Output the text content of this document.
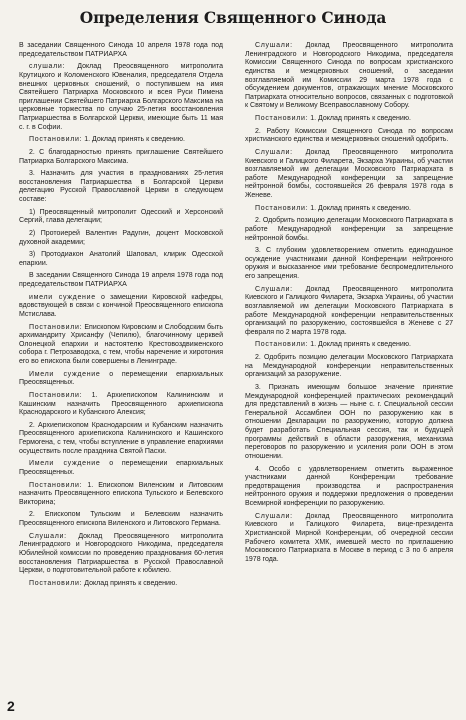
Определения Священного Синода

В заседании Священного Синода 10 апреля 1978 года под председательством ПАТРИАРХА

слушали: Доклад Преосвященного митрополита Крутицкого и Коломенского Ювеналия, председателя Отдела внешних церковных сношений, о поступившем на имя Святейшего Патриарха Московского и всея Руси Пимена приглашении Святейшего Патриарха Болгарского Максима на церковные торжества по случаю 25-летия восстановления Патриаршества в Болгарской Церкви, имеющие быть 11 мая с. г. в Софии.

Постановили: 1. Доклад принять к сведению.

2. С благодарностью принять приглашение Святейшего Патриарха Болгарского Максима.

3. Назначить для участия в празднованиях 25-летия восстановления Патриаршества в Болгарской Церкви делегацию Русской Православной Церкви в следующем составе:

1) Преосвященный митрополит Одесский и Херсонский Сергий, глава делегации;

2) Протоиерей Валентин Радугин, доцент Московской духовной академии;

3) Протодиакон Анатолий Шаповал, клирик Одесской епархии.

В заседании Священного Синода 19 апреля 1978 года под председательством ПАТРИАРХА

имели суждение о замещении Кировской кафедры, вдовствующей в связи с кончиной Преосвященного епископа Мстислава.

Постановили: Епископом Кировским и Слободским быть архимандриту Хрисанфу (Чепилю), благочинному церквей Олонецкой епархии и настоятелю Крестовоздвиженского собора г. Петрозаводска, с тем, чтобы наречение и хиротония его во епископа были совершены в Ленинграде.

Имели суждение о перемещении епархиальных Преосвященных.

Постановили: 1. Архиепископом Калининским и Кашинским назначить Преосвященного архиепископа Краснодарского и Кубанского Алексия;

2. Архиепископом Краснодарским и Кубанским назначить Преосвященного архиепископа Калининского и Кашинского Гермогена, с тем, чтобы вступление в управление епархиями осуществить после праздника Святой Пасхи.

Имели суждение о перемещении епархиальных Преосвященных.

Постановили: 1. Епископом Виленским и Литовским назначить Преосвященного епископа Тульского и Белевского Викторина;

2. Епископом Тульским и Белевским назначить Преосвященного епископа Виленского и Литовского Германа.

Слушали: Доклад Преосвященного митрополита Ленинградского и Новгородского Никодима, председателя Юбилейной комиссии по проведению празднования 60-летия восстановления Патриаршества в Русской Православной Церкви, о подготовительной работе к юбилею.

Постановили: Доклад принять к сведению.

Слушали: Доклад Преосвященного митрополита Ленинградского и Новгородского Никодима, председателя Комиссии Священного Синода по вопросам христианского единства и межцерковных сношений, о заседании возглавляемой им Комиссии 29 марта 1978 года с обсуждением документов, отражающих мнение Московского Патриархата относительно вопросов, связанных с подготовкой к Святому и Великому Всеправославному Собору.

Постановили: 1. Доклад принять к сведению.

2. Работу Комиссии Священного Синода по вопросам христианского единства и межцерковных сношений одобрить.

Слушали: Доклад Преосвященного митрополита Киевского и Галицкого Филарета, Экзарха Украины, об участии возглавляемой им делегации Московского Патриархата в работе Международной конференции за запрещение нейтронной бомбы, состоявшейся 26 февраля 1978 года в Женеве.

Постановили: 1. Доклад принять к сведению.

2. Одобрить позицию делегации Московского Патриархата в работе Международной конференции за запрещение нейтронной бомбы.

3. С глубоким удовлетворением отметить единодушное осуждение участниками данной Конференции нейтронного оружия и высказанное ими требование беспромедлительного его запрещения.

Слушали: Доклад Преосвященного митрополита Киевского и Галицкого Филарета, Экзарха Украины, об участии возглавляемой им делегации Московского Патриархата в работе Международной конференции неправительственных организаций по разоружению, состоявшейся в Женеве с 27 февраля по 2 марта 1978 года.

Постановили: 1. Доклад принять к сведению.

2. Одобрить позицию делегации Московского Патриархата на Международной конференции неправительственных организаций за разоружение.

3. Признать имеющим большое значение принятие Международной конференцией практических рекомендаций для представлений в жизнь — ныне с. г. Специальной сессии Генеральной Ассамблеи ООН по разоружению как в отношении Декларации по разоружению, которую должна будет разработать Специальная сессия, так и будущей программы действий в области разоружения, механизма переговоров по разоружению и усиления роли ООН в этом отношении.

4. Особо с удовлетворением отметить выраженное участниками данной Конференции требование предотвращения производства и распространения нейтронного оружия и поддержки предложения о проведении Всемирной конференции по разоружению.

Слушали: Доклад Преосвященного митрополита Киевского и Галицкого Филарета, вице-президента Христианской Мирной Конференции, об очередной сессии Рабочего комитета ХМК, имевшей место по приглашению Московского Патриархата в Москве в период с 3 по 6 апреля 1978 года.

2
